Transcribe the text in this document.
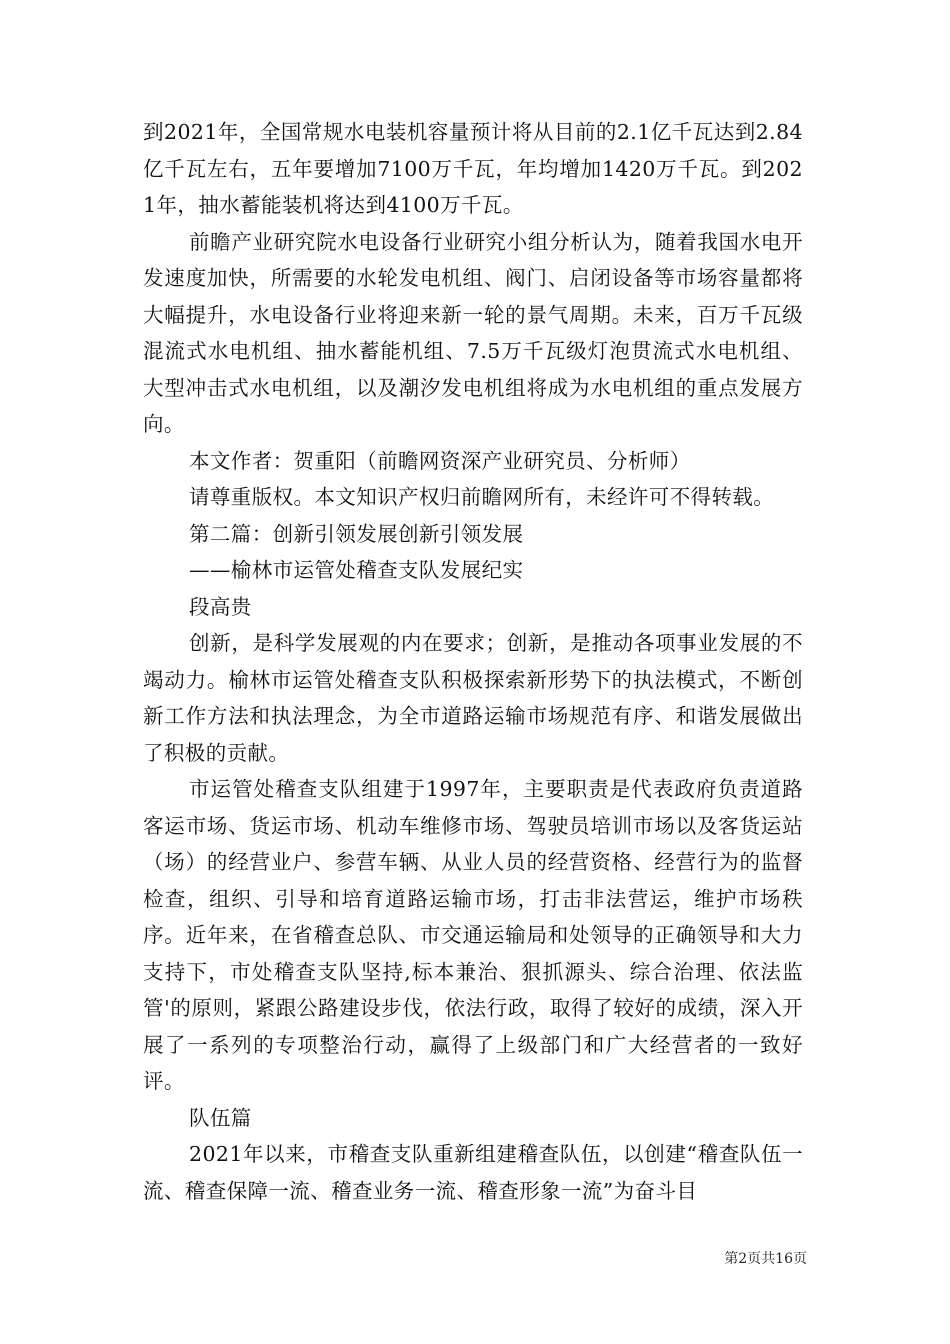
到2021年，全国常规水电装机容量预计将从目前的2.1亿千瓦达到2.84亿千瓦左右，五年要增加7100万千瓦，年均增加1420万千瓦。到2021年，抽水蓄能装机将达到4100万千瓦。

前瞻产业研究院水电设备行业研究小组分析认为，随着我国水电开发速度加快，所需要的水轮发电机组、阀门、启闭设备等市场容量都将大幅提升，水电设备行业将迎来新一轮的景气周期。未来，百万千瓦级混流式水电机组、抽水蓄能机组、7.5万千瓦级灯泡贯流式水电机组、大型冲击式水电机组，以及潮汐发电机组将成为水电机组的重点发展方向。

本文作者：贺重阳（前瞻网资深产业研究员、分析师）

请尊重版权。本文知识产权归前瞻网所有，未经许可不得转载。

第二篇：创新引领发展创新引领发展

——榆林市运管处稽查支队发展纪实

段高贵

创新，是科学发展观的内在要求；创新，是推动各项事业发展的不竭动力。榆林市运管处稽查支队积极探索新形势下的执法模式，不断创新工作方法和执法理念，为全市道路运输市场规范有序、和谐发展做出了积极的贡献。

市运管处稽查支队组建于1997年，主要职责是代表政府负责道路客运市场、货运市场、机动车维修市场、驾驶员培训市场以及客货运站（场）的经营业户、参营车辆、从业人员的经营资格、经营行为的监督检查，组织、引导和培育道路运输市场，打击非法营运，维护市场秩序。近年来，在省稽查总队、市交通运输局和处领导的正确领导和大力支持下，市处稽查支队坚持,标本兼治、狠抓源头、综合治理、依法监管'的原则，紧跟公路建设步伐，依法行政，取得了较好的成绩，深入开展了一系列的专项整治行动，赢得了上级部门和广大经营者的一致好评。

队伍篇

2021年以来，市稽查支队重新组建稽查队伍，以创建“稽查队伍一流、稽查保障一流、稽查业务一流、稽查形象一流”为奋斗目

第2页共16页
